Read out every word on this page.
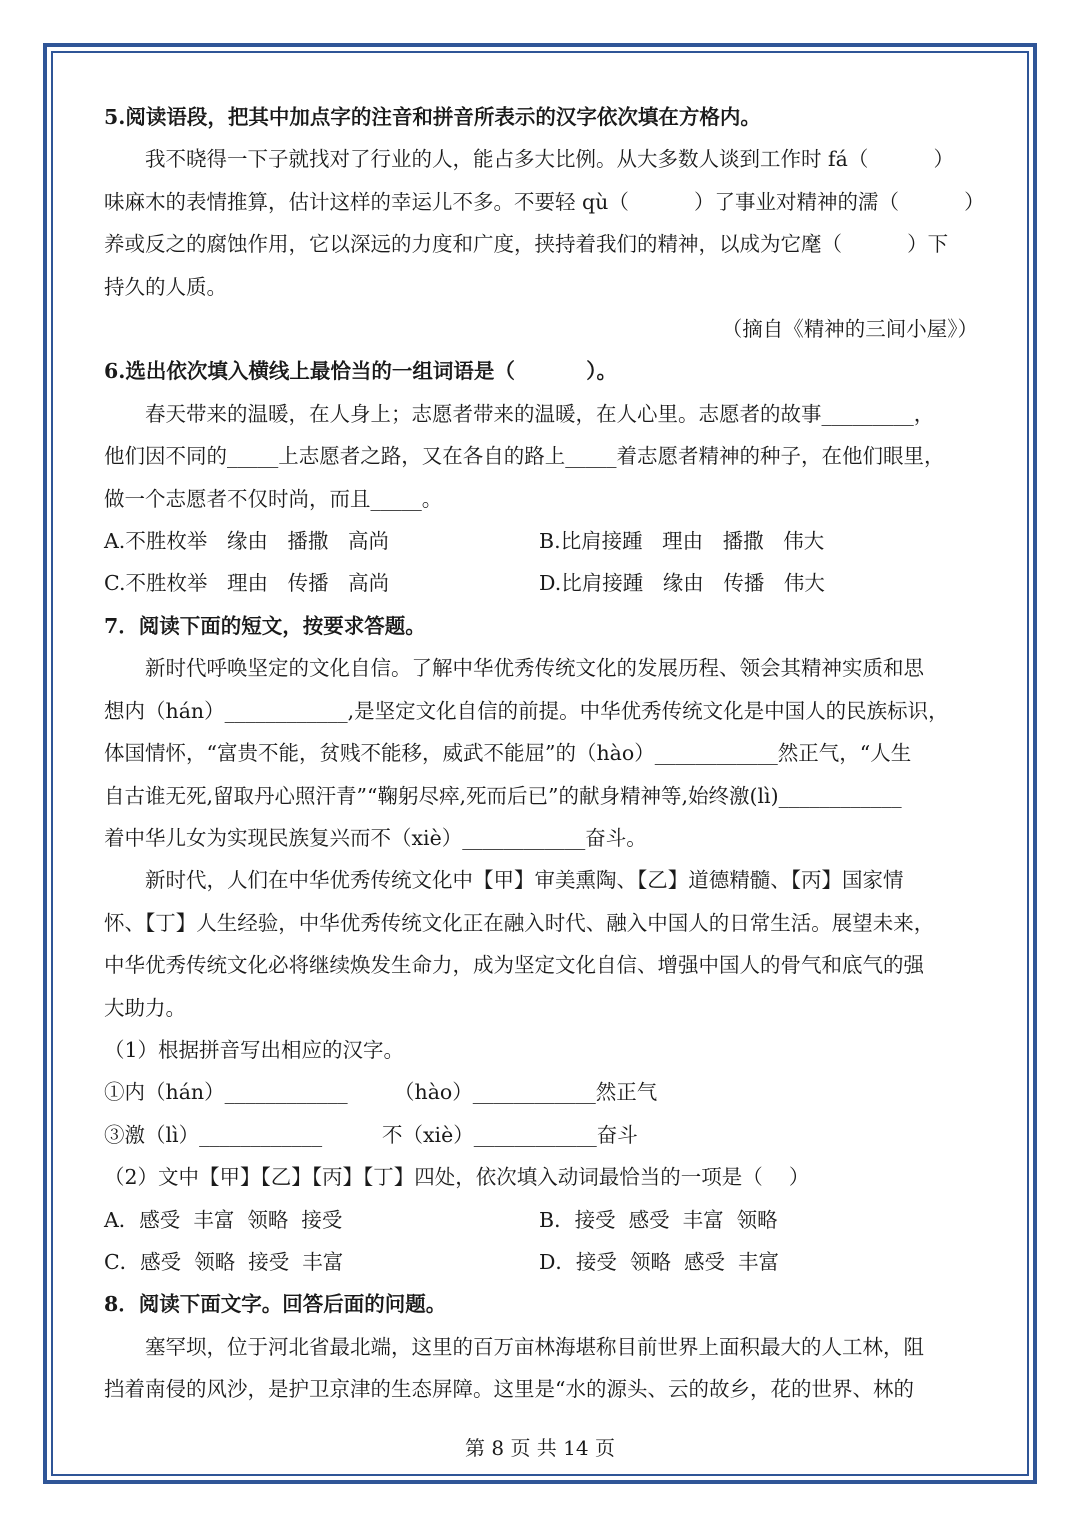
5.阅读语段，把其中加点字的注音和拼音所表示的汉字依次填在方格内。

我不晓得一下子就找对了行业的人，能占多大比例。从大多数人谈到工作时 fá（          ）

味麻木的表情推算，估计这样的幸运儿不多。不要轻 qù（          ）了事业对精神的濡（          ）

养或反之的腐蚀作用，它以深远的力度和广度，挟持着我们的精神，以成为它麾（          ）下

持久的人质。

（摘自《精神的三间小屋》）

6.选出依次填入横线上最恰当的一组词语是（          ）。

春天带来的温暖，在人身上；志愿者带来的温暖，在人心里。志愿者的故事_________，

他们因不同的_____上志愿者之路，又在各自的路上_____着志愿者精神的种子，在他们眼里，

做一个志愿者不仅时尚，而且_____。

A.不胜枚举   缘由   播撒   高尚	B.比肩接踵   理由   播撒   伟大
C.不胜枚举   理由   传播   高尚	D.比肩接踵   缘由   传播   伟大

7．阅读下面的短文，按要求答题。

新时代呼唤坚定的文化自信。了解中华优秀传统文化的发展历程、领会其精神实质和思

想内（hán）____________,是坚定文化自信的前提。中华优秀传统文化是中国人的民族标识，

体国情怀，“富贵不能，贫贱不能移，威武不能屈”的（hào）____________然正气，“人生

自古谁无死,留取丹心照汗青”“鞠躬尽瘁,死而后已”的献身精神等,始终激(lì)____________

着中华儿女为实现民族复兴而不（xiè）____________奋斗。

新时代，人们在中华优秀传统文化中【甲】审美熏陶、【乙】道德精髓、【丙】国家情

怀、【丁】人生经验，中华优秀传统文化正在融入时代、融入中国人的日常生活。展望未来，

中华优秀传统文化必将继续焕发生命力，成为坚定文化自信、增强中国人的骨气和底气的强

大助力。

（1）根据拼音写出相应的汉字。

①内（hán）____________	（hào）____________然正气
③激（lì）____________	不（xiè）____________奋斗

（2）文中【甲】【乙】【丙】【丁】四处，依次填入动词最恰当的一项是（    ）

A．感受  丰富  领略  接受	B．接受  感受  丰富  领略
C．感受  领略  接受  丰富	D．接受  领略  感受  丰富

8．阅读下面文字。回答后面的问题。

塞罕坝，位于河北省最北端，这里的百万亩林海堪称目前世界上面积最大的人工林，阻

挡着南侵的风沙，是护卫京津的生态屏障。这里是“水的源头、云的故乡，花的世界、林的

第 8 页 共 14 页
